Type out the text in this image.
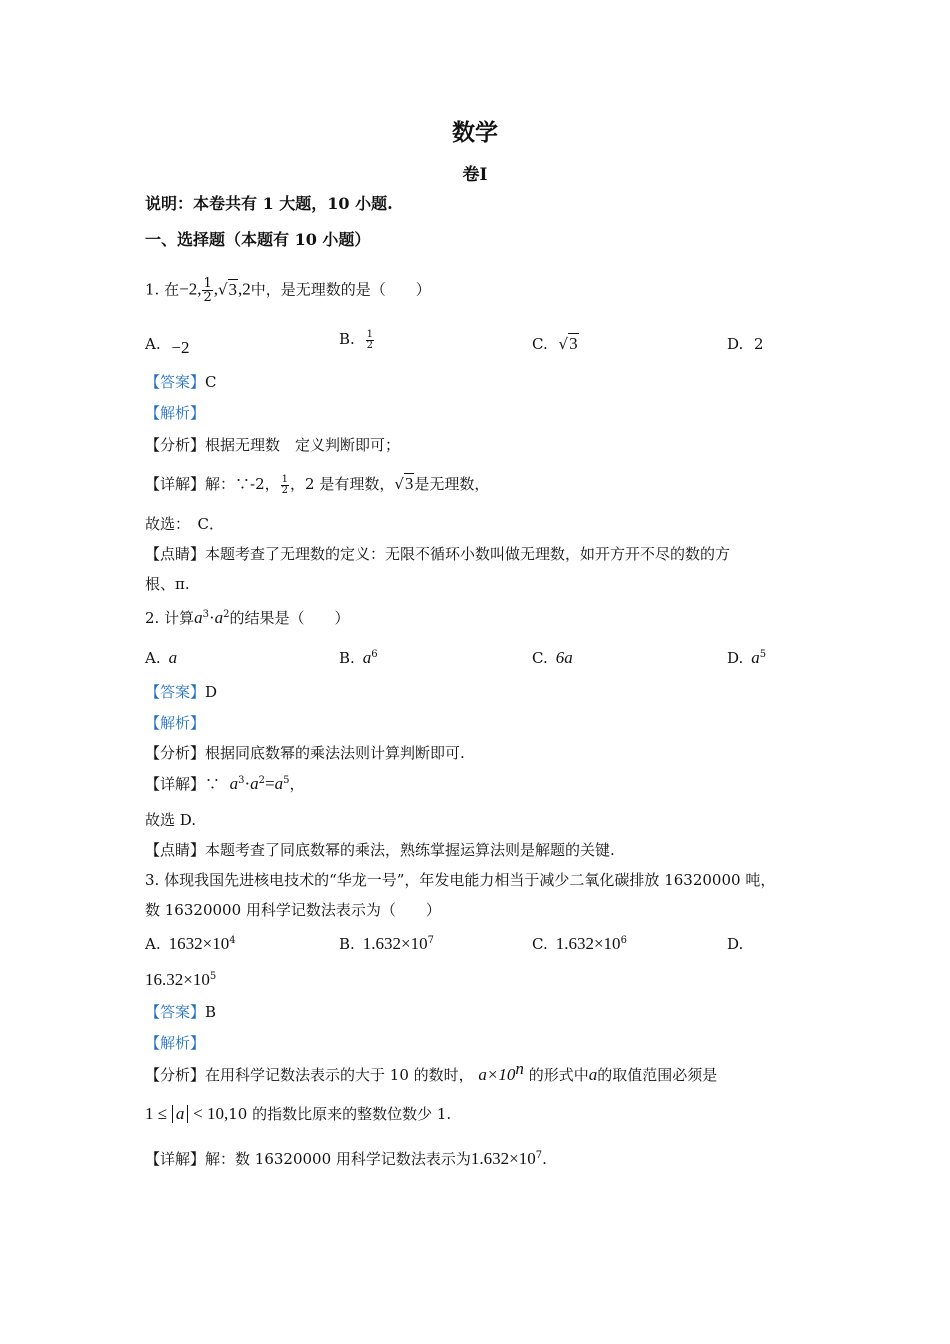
数学
卷Ⅰ
说明：本卷共有 1 大题，10 小题.
一、选择题（本题有 10 小题）
1. 在−2, $\frac{1}{2} ,√3,2$中，是无理数的是（　　）
A. −2	B. $\frac{1}{2}$	C. √3	D. 2
【答案】C
【解析】
【分析】根据无理数　定义判断即可；
【详解】解：∵-2， $\frac{1}{2}$ ，2 是有理数，√3是无理数，
故选：　C．
【点睛】本题考查了无理数的定义：无限不循环小数叫做无理数，如开方开不尽的数的方
根、π.
2. 计算$a^3\cdot a^2$的结果是（　　）
A. a	B. $a^6$	C. 6a	D. $a^5$
【答案】D
【解析】
【分析】根据同底数幂的乘法法则计算判断即可.
【详解】∵ $a^3\cdot a^2=a^5$，
故选 D.
【点睛】本题考查了同底数幂的乘法，熟练掌握运算法则是解题的关键.
3. 体现我国先进核电技术的“华龙一号”，年发电能力相当于减少二氧化碳排放 16320000 吨，
数 16320000 用科学记数法表示为（　　）
A. $1632\times 10^4$	B. $1.632\times 10^7$	C. $1.632\times 10^6$	D.
$16.32\times 10^5$
【答案】B
【解析】
【分析】在用科学记数法表示的大于 10 的数时， $a\times 10^n$ 的形式中a的取值范围必须是
1 ≤ a < 10,10 的指数比原来的整数位数少 1.
【详解】解：数 16320000 用科学记数法表示为$1.632\times 10^7$.
